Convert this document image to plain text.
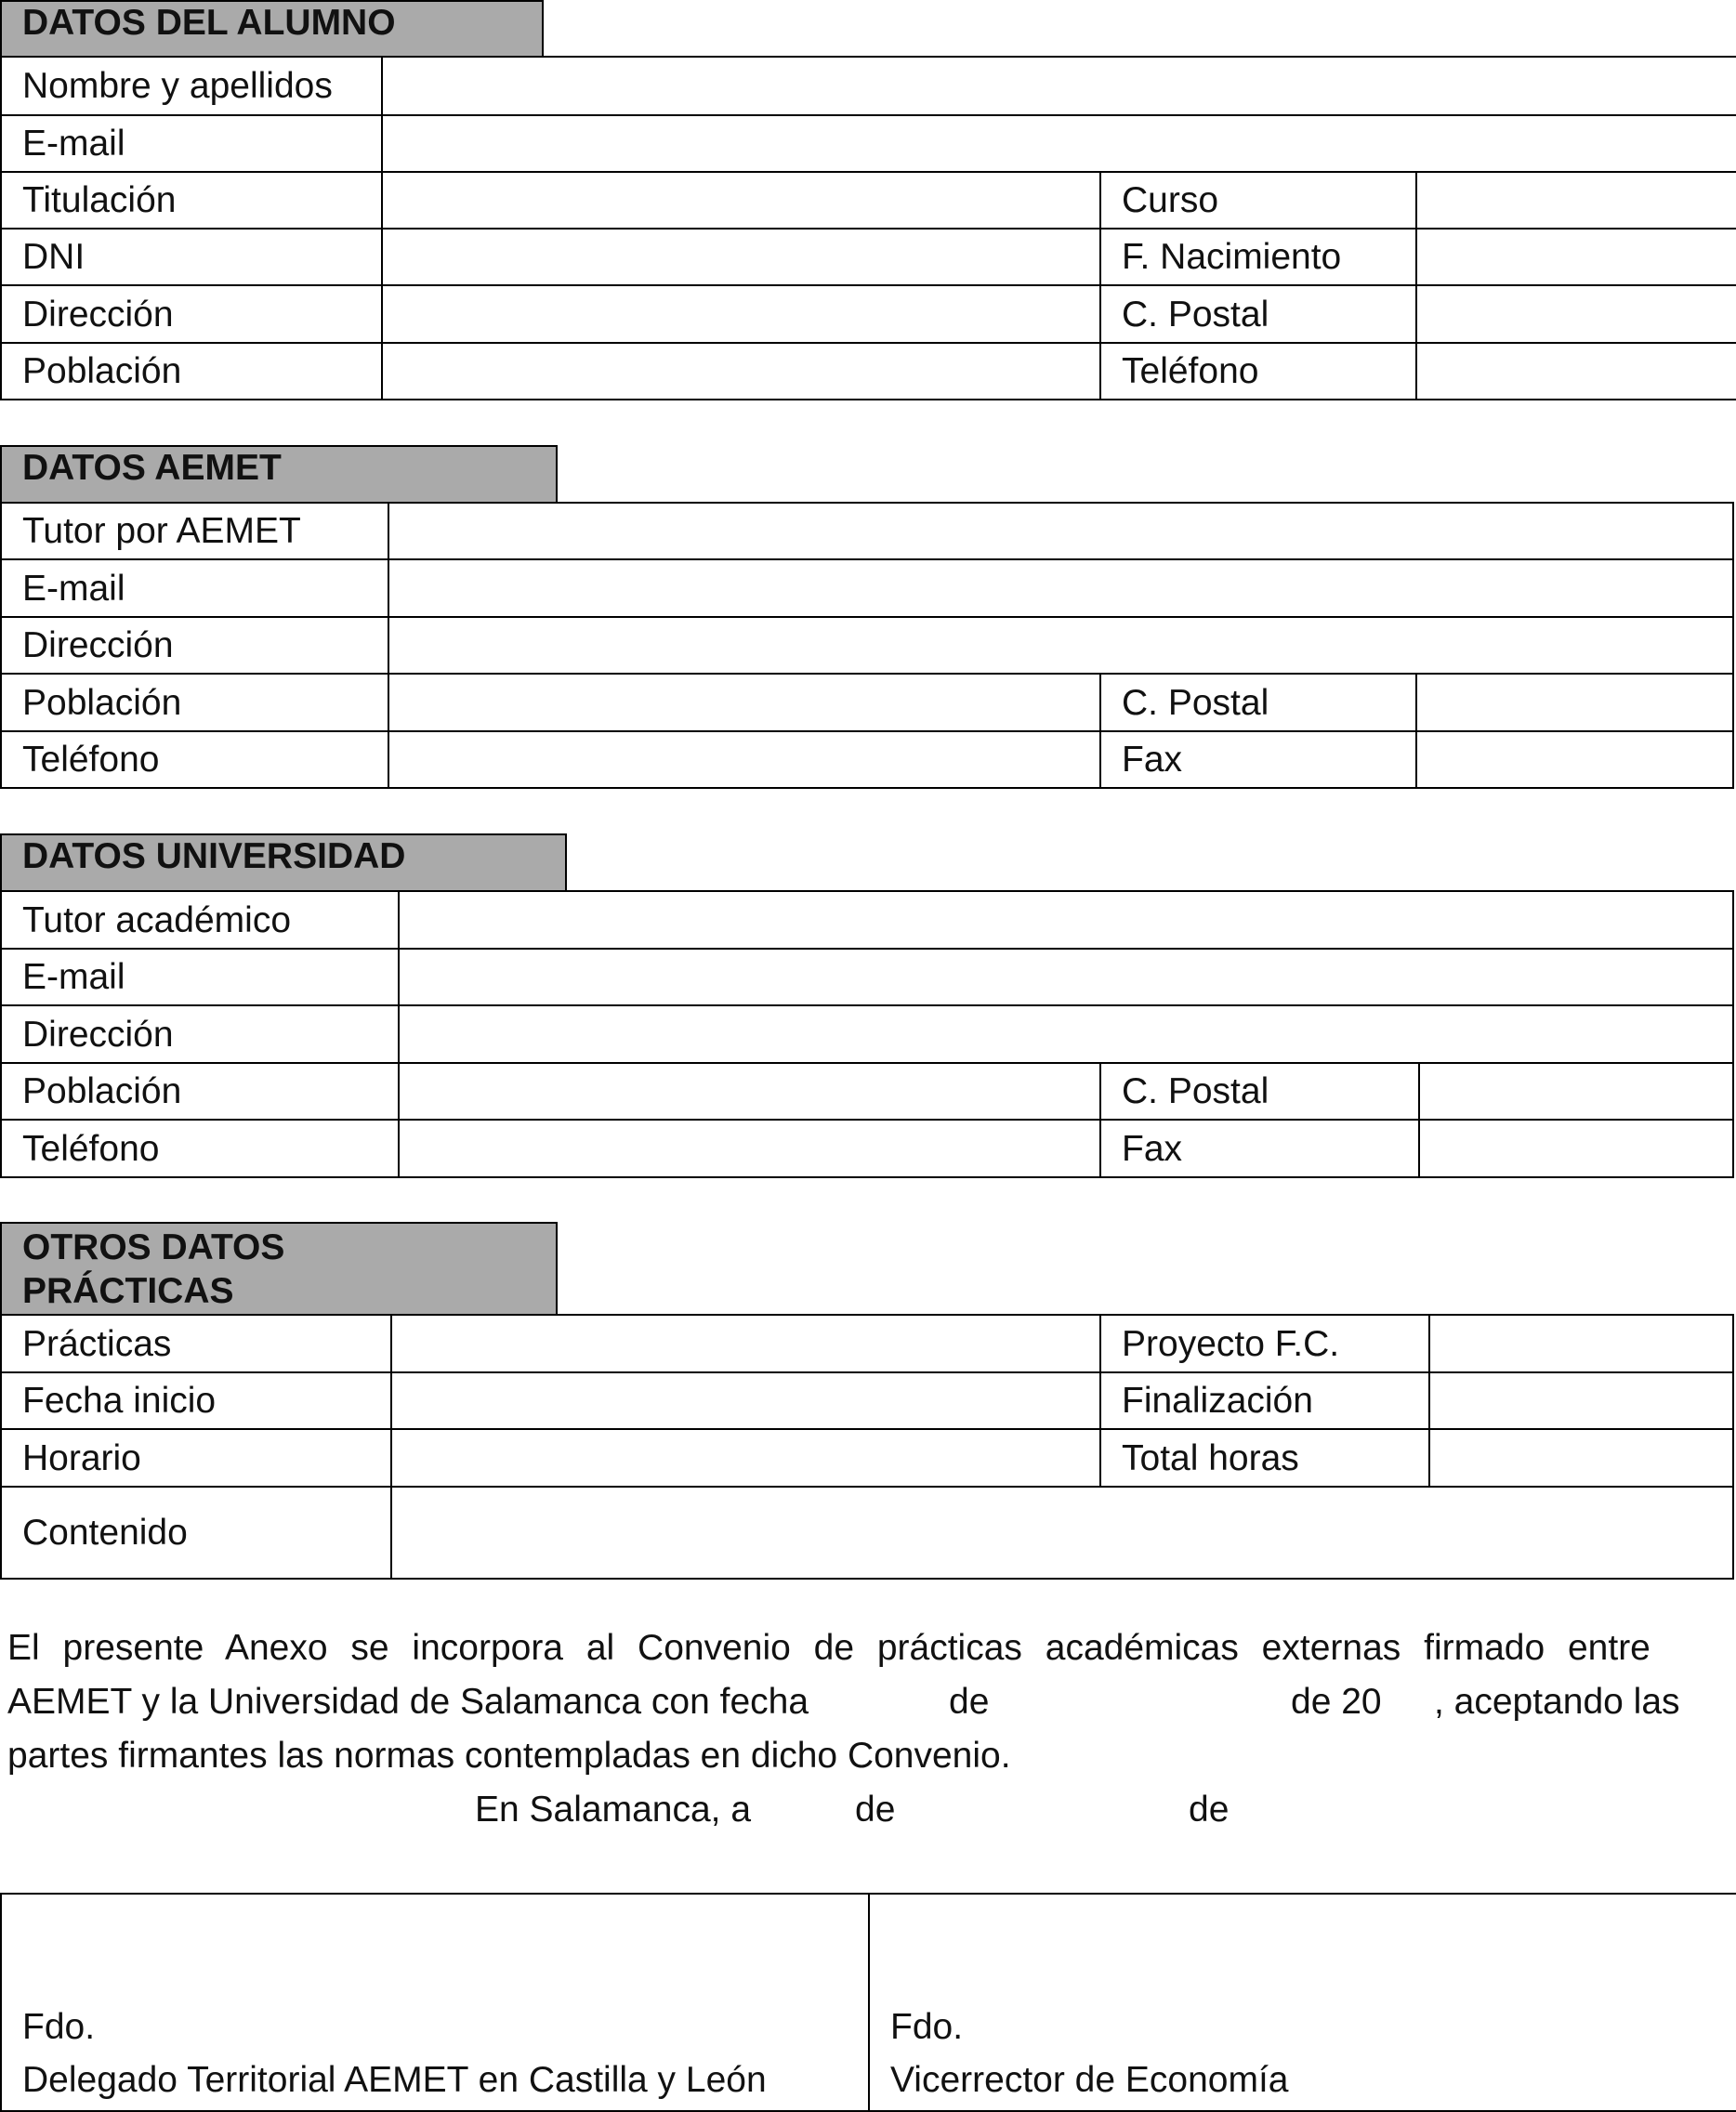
DATOS DEL ALUMNO
Nombre y apellidos			
E-mail			
Titulación		Curso	
DNI		F. Nacimiento	
Dirección		C. Postal	
Población		Teléfono	
DATOS AEMET
Tutor por AEMET			
E-mail			
Dirección			
Población		C. Postal	
Teléfono		Fax	
DATOS UNIVERSIDAD
Tutor académico			
E-mail			
Dirección			
Población		C. Postal	
Teléfono		Fax	
OTROS DATOS
PRÁCTICAS
Prácticas		Proyecto F.C.	
Fecha inicio		Finalización	
Horario		Total horas	
Contenido			
El presente Anexo se incorpora al Convenio de prácticas académicas externas firmado entre
AEMET y la Universidad de Salamanca con fecha	de	de 20 , aceptando las
partes firmantes las normas contempladas en dicho Convenio.
En Salamanca, a	de	de
Fdo.
Delegado Territorial AEMET en Castilla y León

Fdo.
Vicerrector de Economía
